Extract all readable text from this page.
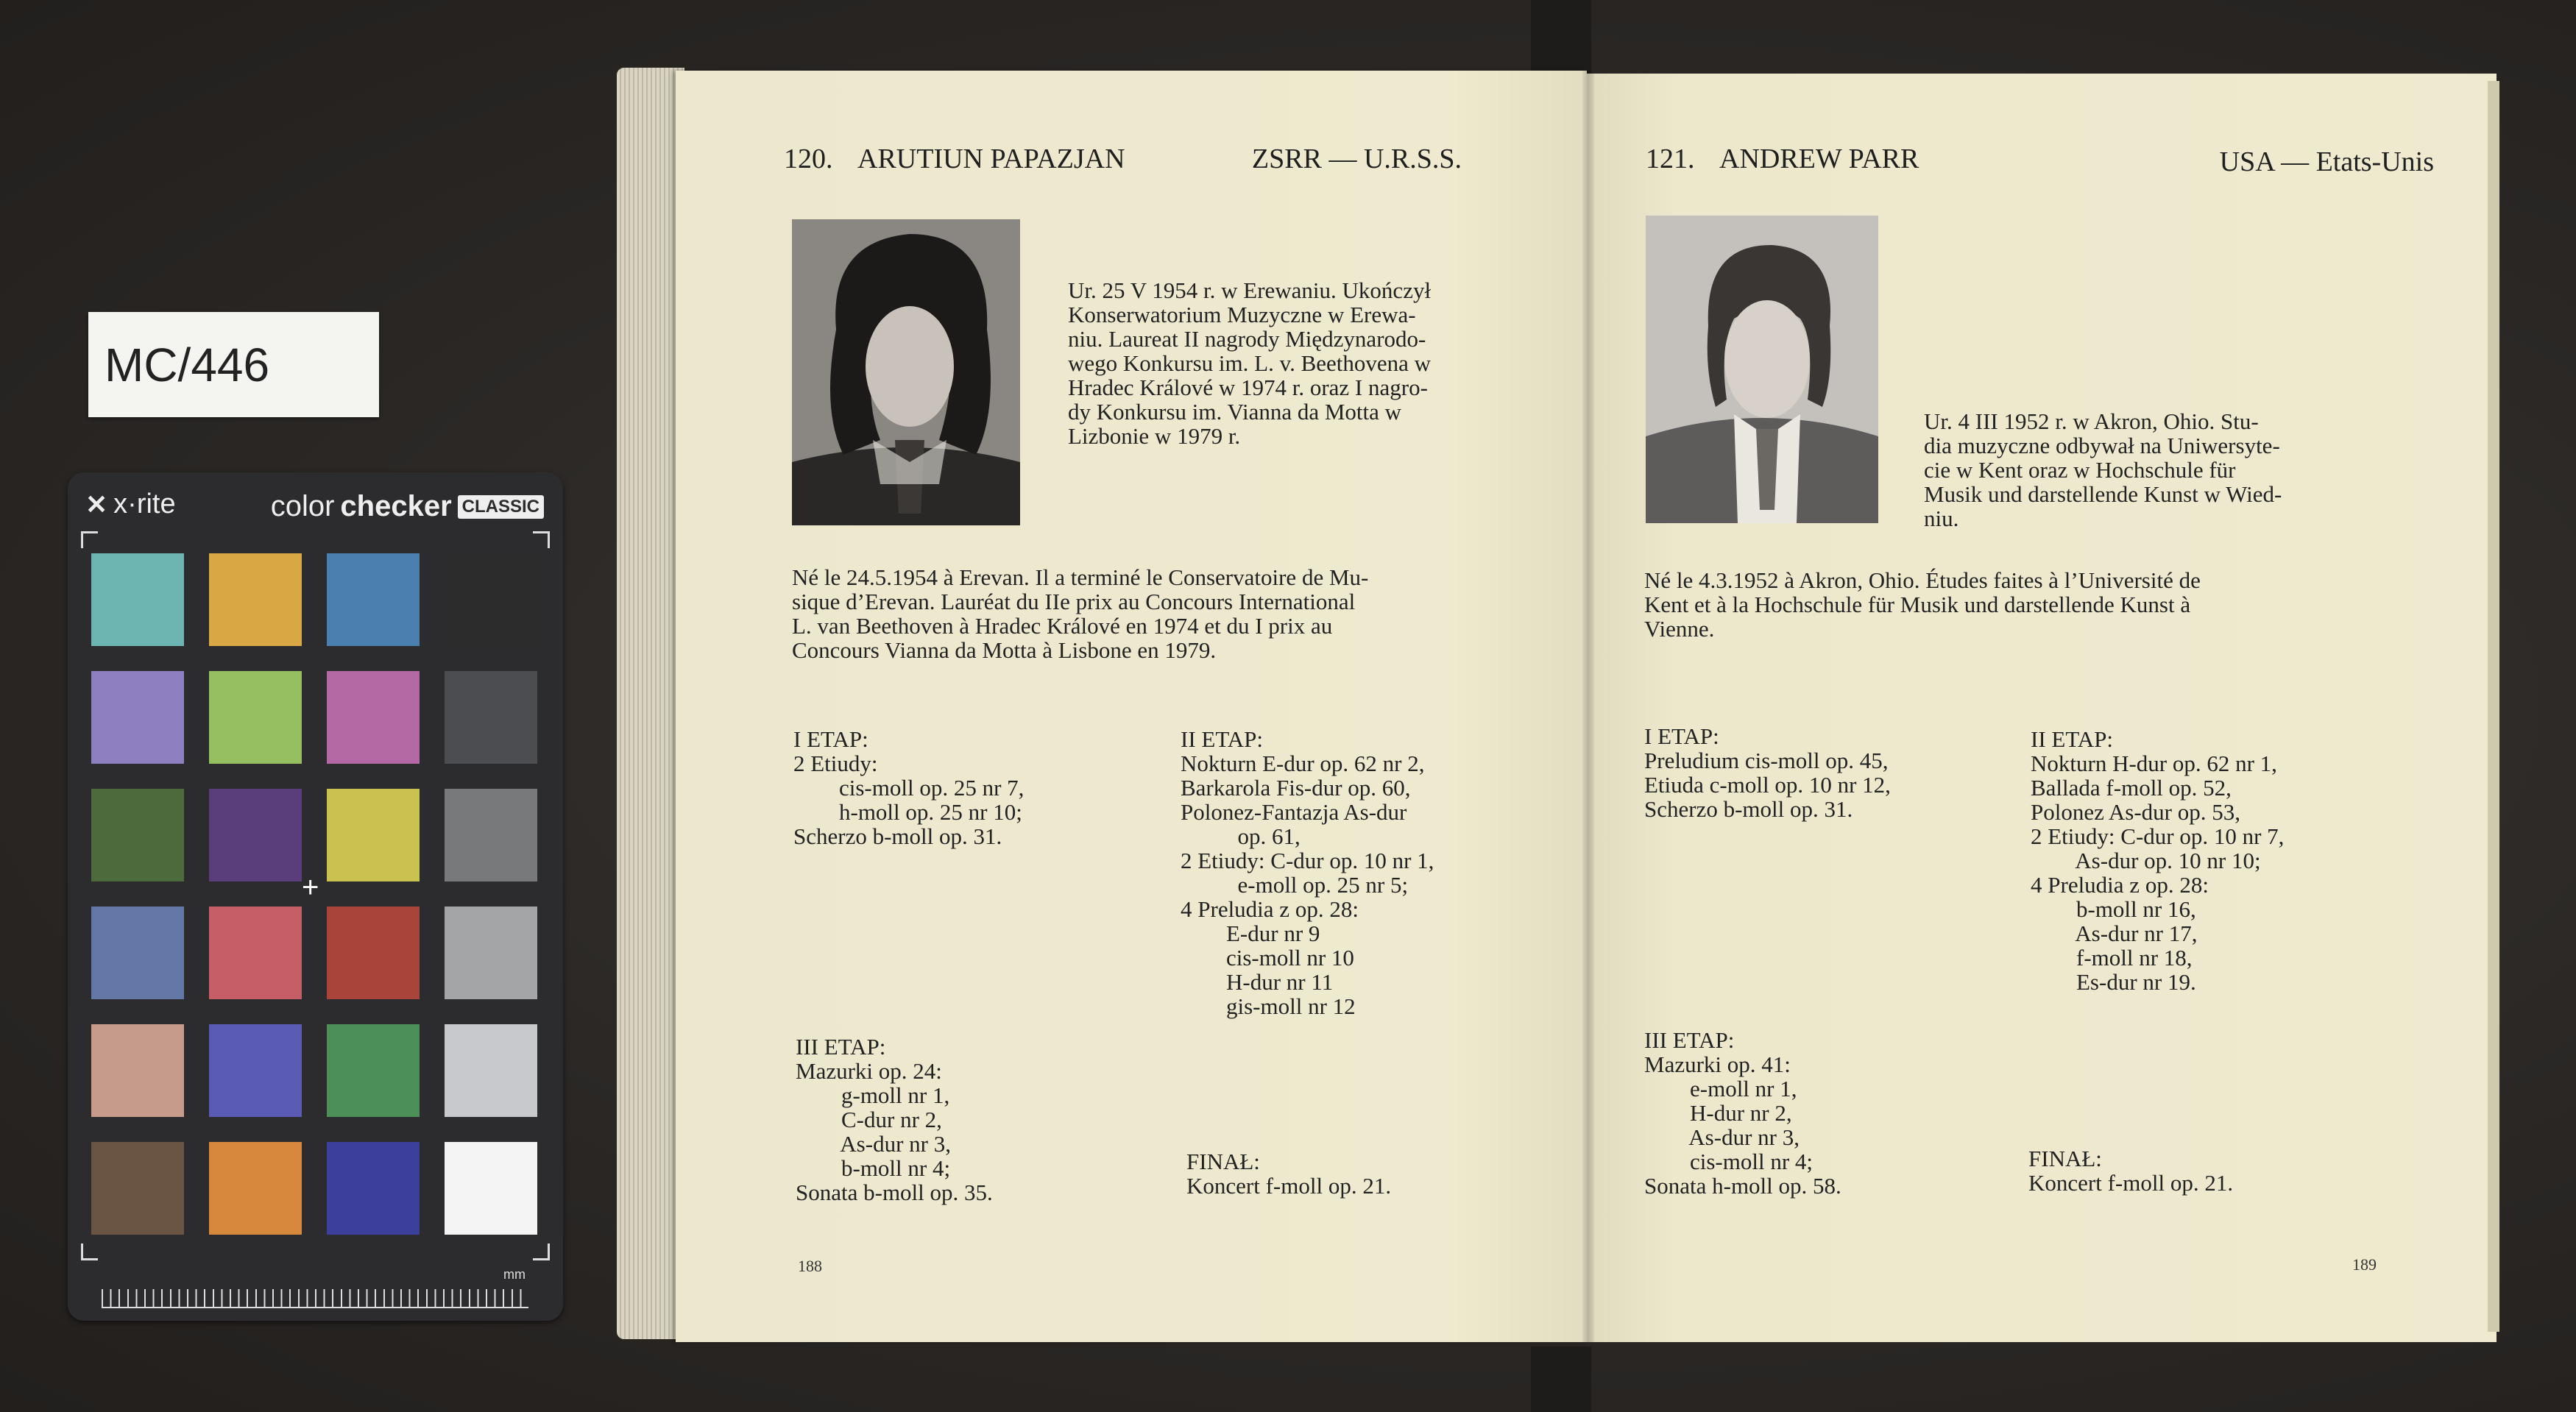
MC/446
✕ x·rite	color checker CLASSIC
+
mm
120. ARUTIUN PAPAZJAN	ZSRR — U.R.S.S.
Ur. 25 V 1954 r. w Erewaniu. Ukończył
Konserwatorium Muzyczne w Erewa-
niu. Laureat II nagrody Międzynarodo-
wego Konkursu im. L. v. Beethovena w
Hradec Králové w 1974 r. oraz I nagro-
dy Konkursu im. Vianna da Motta w
Lizbonie w 1979 r.
Né le 24.5.1954 à Erevan. Il a terminé le Conservatoire de Mu-
sique d’Erevan. Lauréat du IIe prix au Concours International
L. van Beethoven à Hradec Králové en 1974 et du I prix au
Concours Vianna da Motta à Lisbone en 1979.
I ETAP:
2 Etiudy:
cis-moll op. 25 nr 7,
h-moll op. 25 nr 10;
Scherzo b-moll op. 31.
II ETAP:
Nokturn E-dur op. 62 nr 2,
Barkarola Fis-dur op. 60,
Polonez-Fantazja As-dur
op. 61,
2 Etiudy: C-dur op. 10 nr 1,
e-moll op. 25 nr 5;
4 Preludia z op. 28:
E-dur nr 9
cis-moll nr 10
H-dur nr 11
gis-moll nr 12
III ETAP:
Mazurki op. 24:
g-moll nr 1,
C-dur nr 2,
As-dur nr 3,
b-moll nr 4;
Sonata b-moll op. 35.
FINAŁ:
Koncert f-moll op. 21.
188
121. ANDREW PARR	USA — Etats-Unis
Ur. 4 III 1952 r. w Akron, Ohio. Stu-
dia muzyczne odbywał na Uniwersyte-
cie w Kent oraz w Hochschule für
Musik und darstellende Kunst w Wied-
niu.
Né le 4.3.1952 à Akron, Ohio. Études faites à l’Université de
Kent et à la Hochschule für Musik und darstellende Kunst à
Vienne.
I ETAP:
Preludium cis-moll op. 45,
Etiuda c-moll op. 10 nr 12,
Scherzo b-moll op. 31.
II ETAP:
Nokturn H-dur op. 62 nr 1,
Ballada f-moll op. 52,
Polonez As-dur op. 53,
2 Etiudy: C-dur op. 10 nr 7,
As-dur op. 10 nr 10;
4 Preludia z op. 28:
b-moll nr 16,
As-dur nr 17,
f-moll nr 18,
Es-dur nr 19.
III ETAP:
Mazurki op. 41:
e-moll nr 1,
H-dur nr 2,
As-dur nr 3,
cis-moll nr 4;
Sonata h-moll op. 58.
FINAŁ:
Koncert f-moll op. 21.
189
